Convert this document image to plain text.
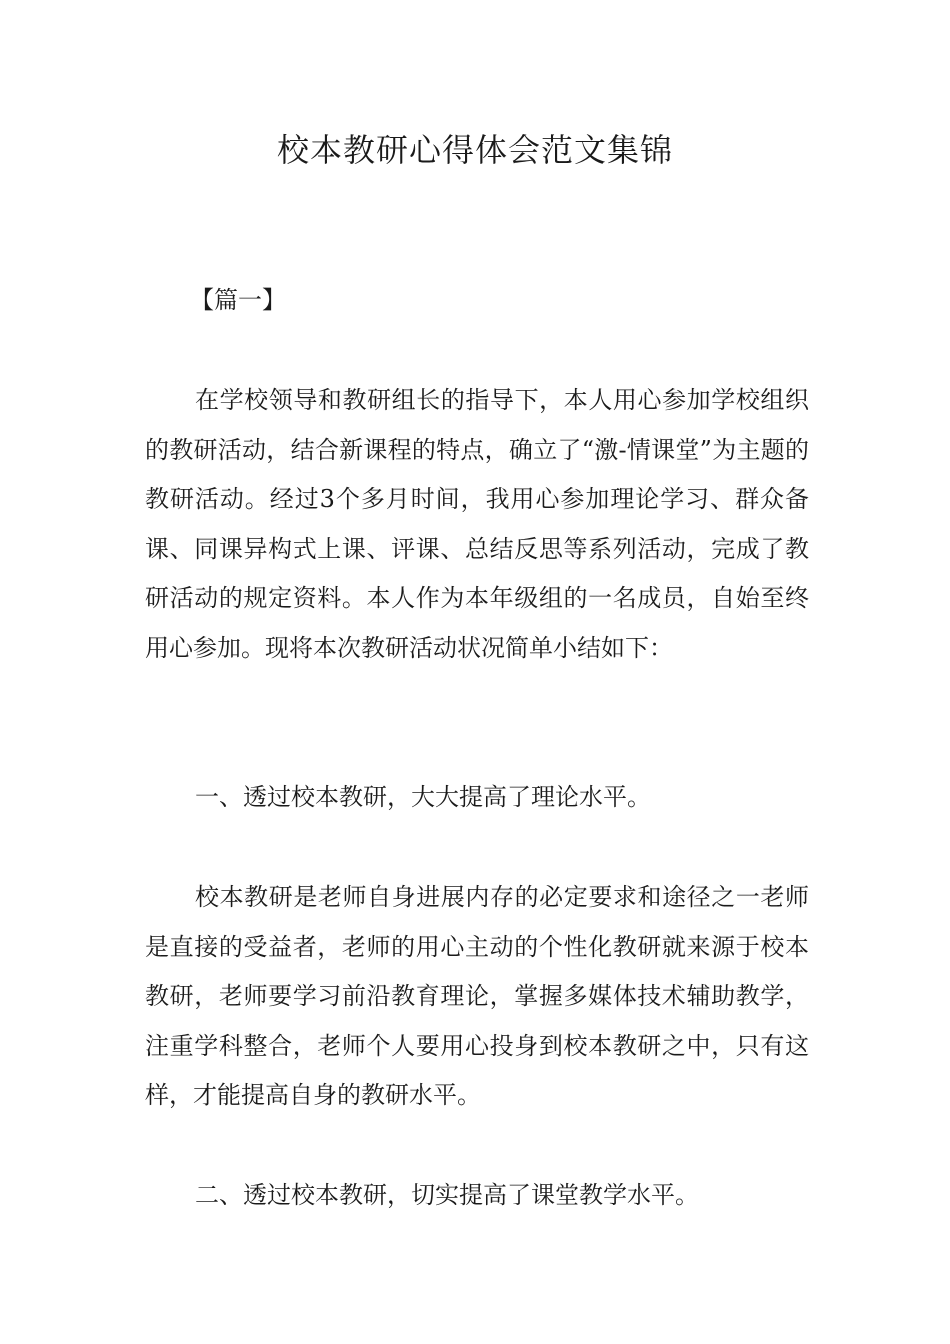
校本教研心得体会范文集锦

【篇一】

在学校领导和教研组长的指导下，本人用心参加学校组织的教研活动，结合新课程的特点，确立了“激-情课堂”为主题的教研活动。经过3个多月时间，我用心参加理论学习、群众备课、同课异构式上课、评课、总结反思等系列活动，完成了教研活动的规定资料。本人作为本年级组的一名成员，自始至终用心参加。现将本次教研活动状况简单小结如下：

一、透过校本教研，大大提高了理论水平。

校本教研是老师自身进展内存的必定要求和途径之一老师是直接的受益者，老师的用心主动的个性化教研就来源于校本教研，老师要学习前沿教育理论，掌握多媒体技术辅助教学，注重学科整合，老师个人要用心投身到校本教研之中，只有这样，才能提高自身的教研水平。

二、透过校本教研，切实提高了课堂教学水平。
